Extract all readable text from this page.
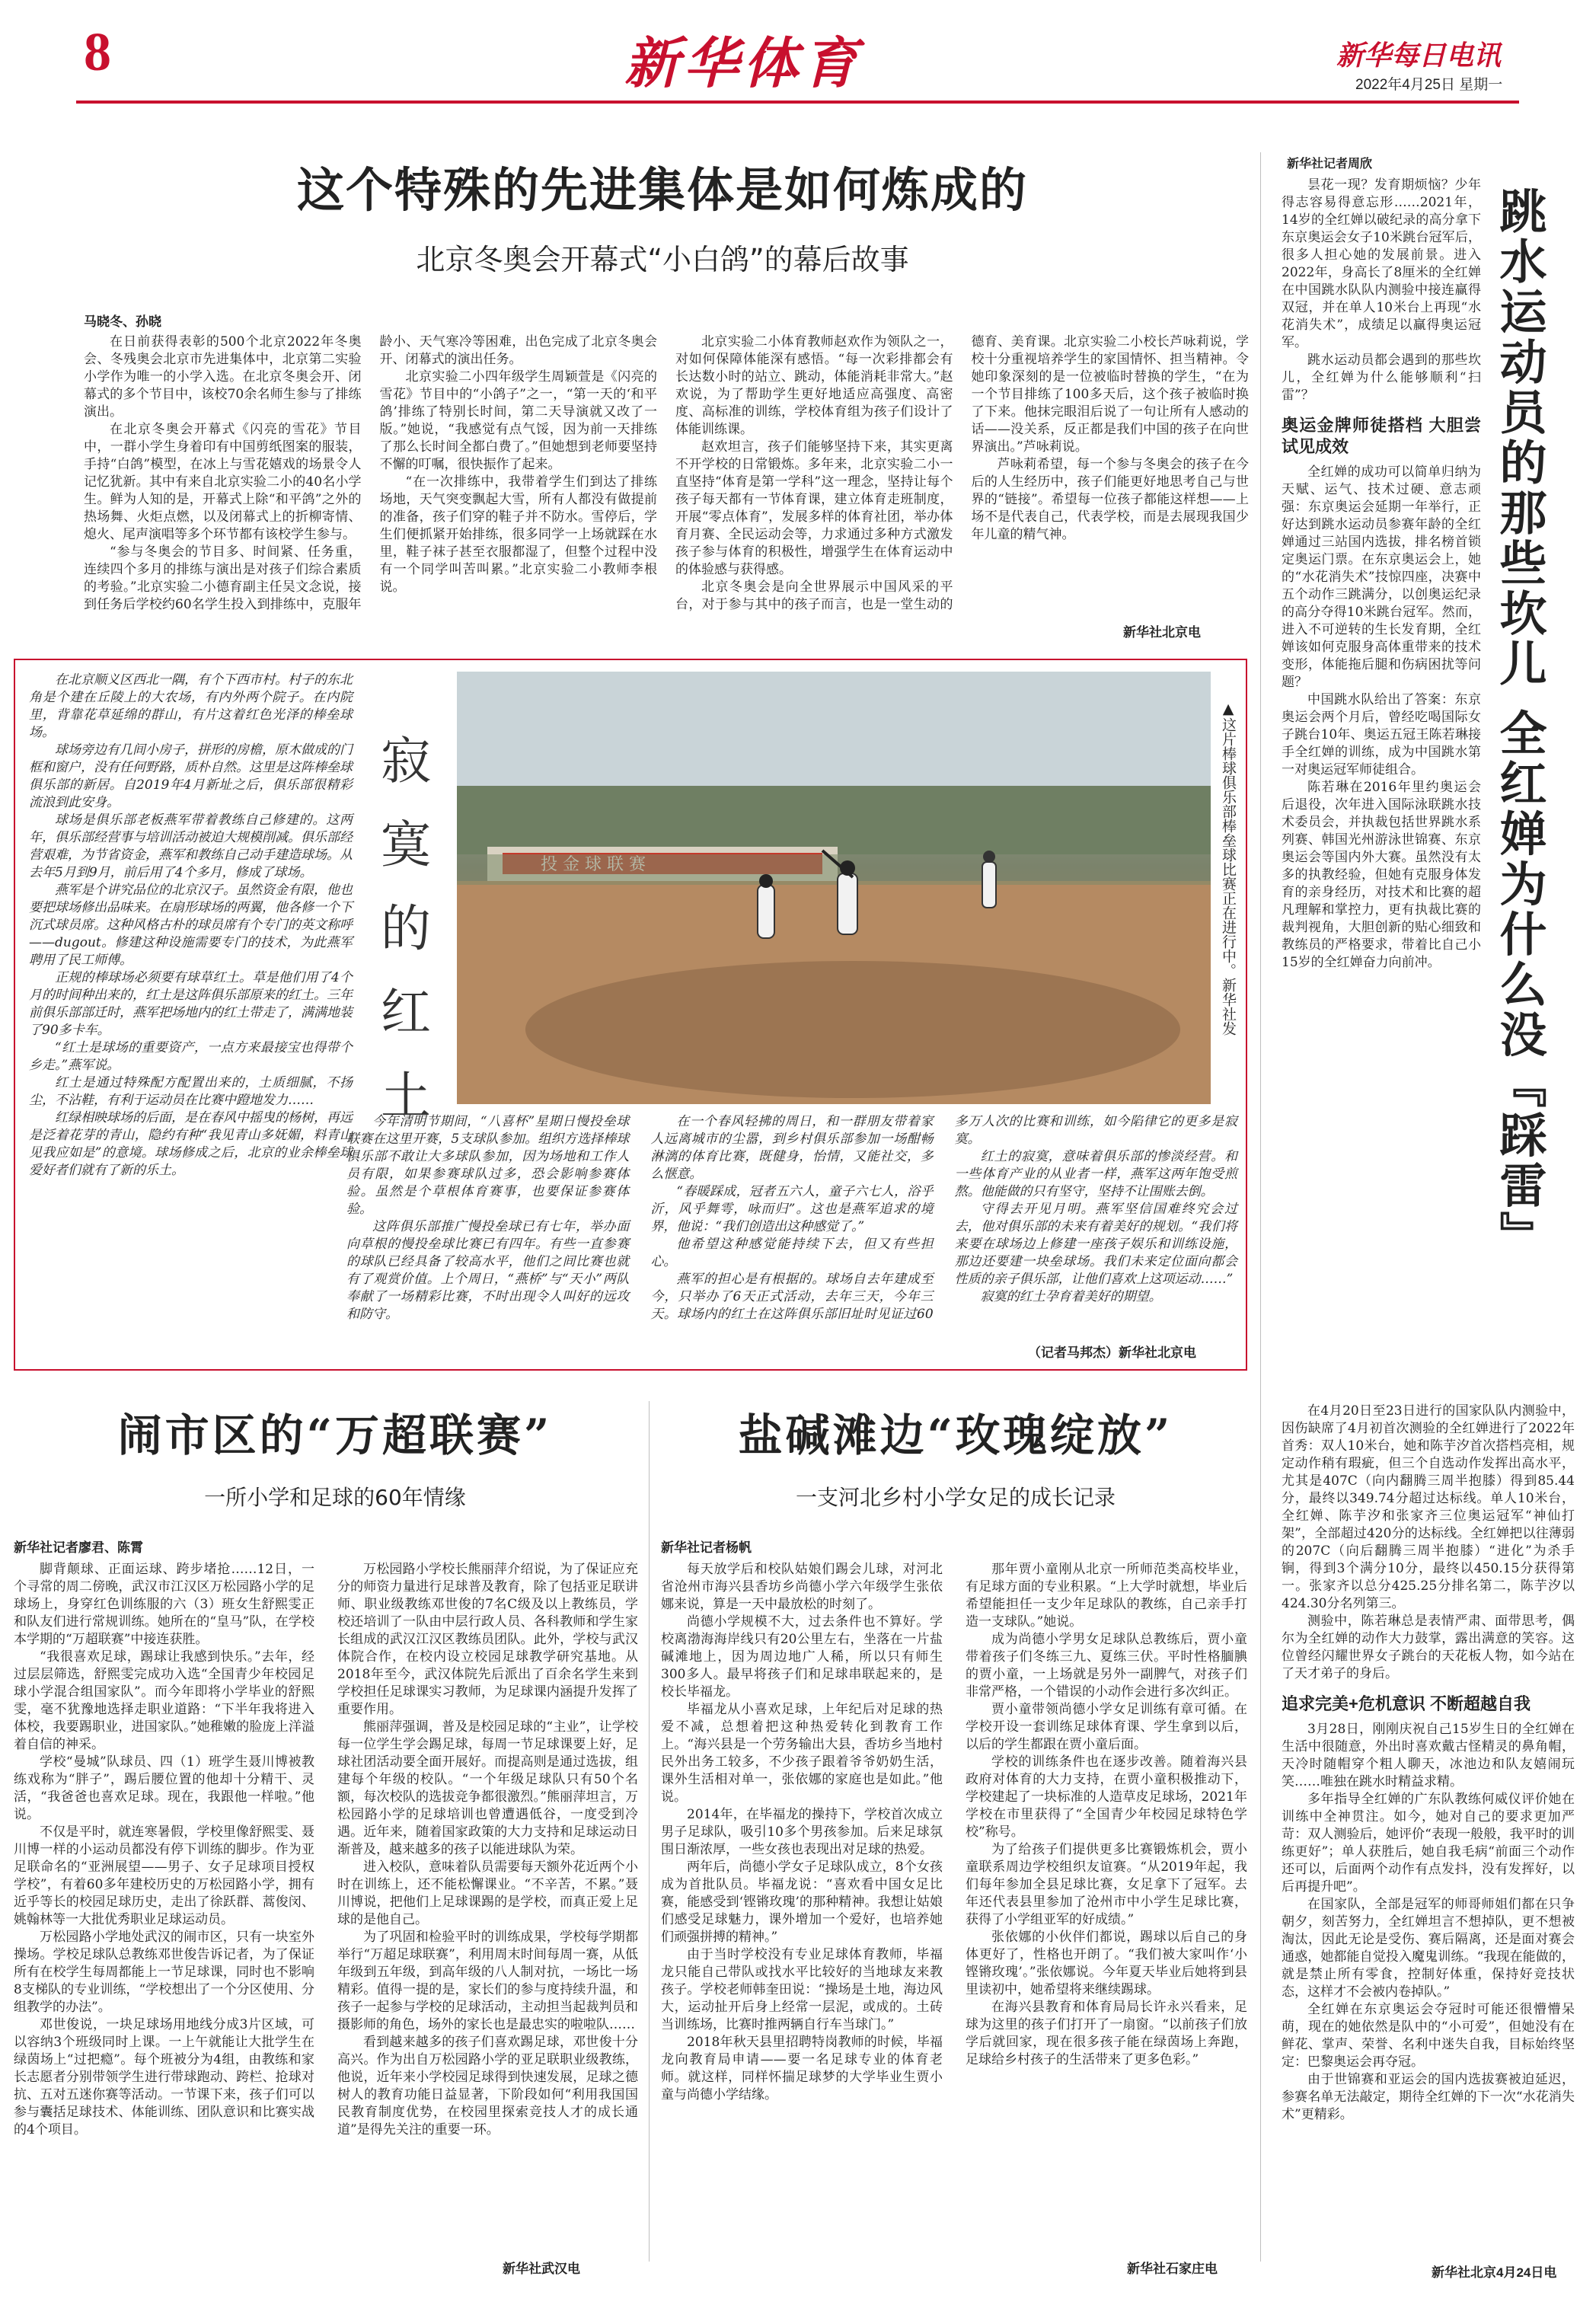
8	新华体育	新华每日电讯
2022年4月25日 星期一
这个特殊的先进集体是如何炼成的
北京冬奥会开幕式“小白鸽”的幕后故事
马晓冬、孙晓

在日前获得表彰的500个北京2022年冬奥会、冬残奥会北京市先进集体中，北京第二实验小学作为唯一的小学入选。在北京冬奥会开、闭幕式的多个节目中，该校70余名师生参与了排练演出。

在北京冬奥会开幕式《闪亮的雪花》节目中，一群小学生身着印有中国剪纸图案的服装，手持“白鸽”模型，在冰上与雪花嬉戏的场景令人记忆犹新。其中有来自北京实验二小的40名小学生。鲜为人知的是，开幕式上除“和平鸽”之外的热场舞、火炬点燃，以及闭幕式上的折柳寄情、熄火、尾声演唱等多个环节都有该校学生参与。

“参与冬奥会的节目多、时间紧、任务重，连续四个多月的排练与演出是对孩子们综合素质的考验。”北京实验二小德育副主任吴文念说，接到任务后学校约60名学生投入到排练中，克服年龄小、天气寒冷等困难，出色完成了北京冬奥会开、闭幕式的演出任务。

北京实验二小四年级学生周颖萱是《闪亮的雪花》节目中的“小鸽子”之一，“第一天的‘和平鸽’排练了特别长时间，第二天导演就又改了一版。”她说，“我感觉有点气馁，因为前一天排练了那么长时间全都白费了。”但她想到老师要坚持不懈的叮嘱，很快振作了起来。

“在一次排练中，我带着学生们到达了排练场地，天气突变飘起大雪，所有人都没有做提前的准备，孩子们穿的鞋子并不防水。雪停后，学生们便抓紧开始排练，很多同学一上场就踩在水里，鞋子袜子甚至衣服都湿了，但整个过程中没有一个同学叫苦叫累。”北京实验二小教师李根说。

北京实验二小体育教师赵欢作为领队之一，对如何保障体能深有感悟。“每一次彩排都会有长达数小时的站立、跳动，体能消耗非常大。”赵欢说，为了帮助学生更好地适应高强度、高密度、高标准的训练，学校体育组为孩子们设计了体能训练课。

赵欢坦言，孩子们能够坚持下来，其实更离不开学校的日常锻炼。多年来，北京实验二小一直坚持“体育是第一学科”这一理念，坚持让每个孩子每天都有一节体育课，建立体育走班制度，开展“零点体育”，发展多样的体育社团，举办体育月赛、全民运动会等，力求通过多种方式激发孩子参与体育的积极性，增强学生在体育运动中的体验感与获得感。

北京冬奥会是向全世界展示中国风采的平台，对于参与其中的孩子而言，也是一堂生动的德育、美育课。北京实验二小校长芦咏莉说，学校十分重视培养学生的家国情怀、担当精神。令她印象深刻的是一位被临时替换的学生，“在为一个节目排练了100多天后，这个孩子被临时换了下来。他抹完眼泪后说了一句让所有人感动的话——没关系，反正都是我们中国的孩子在向世界演出。”芦咏莉说。

芦咏莉希望，每一个参与冬奥会的孩子在今后的人生经历中，孩子们能更好地思考自己与世界的“链接”。希望每一位孩子都能这样想——上场不是代表自己，代表学校，而是去展现我国少年儿童的精气神。

新华社北京电

在北京顺义区西北一隅，有个下西市村。村子的东北角是个建在丘陵上的大农场，有内外两个院子。在内院里，背靠花草延绵的群山，有片这着红色光泽的棒垒球场。

球场旁边有几间小房子，拼形的房檐，原木做成的门框和窗户，没有任何野路，质朴自然。这里是这阵棒垒球俱乐部的新居。自2019年4月新址之后，俱乐部很精彩流浪到此安身。

球场是俱乐部老板燕军带着教练自己修建的。这两年，俱乐部经营事与培训活动被迫大规模削减。俱乐部经营艰难，为节省资金，燕军和教练自己动手建造球场。从去年5月到9月，前后用了4个多月，修成了球场。

燕军是个讲究品位的北京汉子。虽然资金有限，他也要把球场修出品味来。在扇形球场的两翼，他各修一个下沉式球员席。这种风格古朴的球员席有个专门的英文称呼——dugout。修建这种设施需要专门的技术，为此燕军聘用了民工师傅。

正规的棒球场必须要有球草红土。草是他们用了4个月的时间种出来的，红土是这阵俱乐部原来的红土。三年前俱乐部部迁时，燕军把场地内的红土带走了，满满地装了90多卡车。

“红土是球场的重要资产，一点方来最接宝也得带个乡走。”燕军说。

红土是通过特殊配方配置出来的，土质细腻，不扬尘，不沾鞋，有利于运动员在比赛中蹬地发力……

红绿相映球场的后面，是在春风中摇曳的杨树，再远是泛着花芽的青山，隐约有种“我见青山多妩媚，料青山见我应如是”的意境。球场修成之后，北京的业余棒垒球爱好者们就有了新的乐土。

寂
寞
的
红
土
▲这片棒球俱乐部棒垒球比赛正在进行中。新华社发

今年清明节期间，“八喜杯”星期日慢投垒球联赛在这里开赛，5支球队参加。组织方选择棒球俱乐部不敢让大多球队参加，因为场地和工作人员有限，如果参赛球队过多，恐会影响参赛体验。虽然是个草根体育赛事，也要保证参赛体验。

这阵俱乐部推广慢投垒球已有七年，举办面向草根的慢投垒球比赛已有四年。有些一直参赛的球队已经具备了较高水平，他们之间比赛也就有了观赏价值。上个周日，“燕桥”与“天小”两队奉献了一场精彩比赛，不时出现令人叫好的远攻和防守。

在一个春风轻拂的周日，和一群朋友带着家人远离城市的尘嚣，到乡村俱乐部参加一场酣畅淋漓的体育比赛，既健身，怡情，又能社交，多么惬意。

“春暖踩成，冠者五六人，童子六七人，浴乎沂，风乎舞雩，咏而归”。这也是燕军追求的境界，他说：“我们创造出这种感觉了。”

他希望这种感觉能持续下去，但又有些担心。

燕军的担心是有根据的。球场自去年建成至今，只举办了6天正式活动，去年三天，今年三天。球场内的红土在这阵俱乐部旧址时见证过60多万人次的比赛和训练，如今陷律它的更多是寂寞。

红土的寂寞，意味着俱乐部的惨淡经营。和一些体育产业的从业者一样，燕军这两年饱受煎熬。他能做的只有坚守，坚持不让围账去倒。

守得去开见月明。燕军坚信国难终究会过去，他对俱乐部的未来有着美好的规划。“我们将来要在球场边上修建一座孩子娱乐和训练设施，那边还要建一块垒球场。我们未来定位面向都会性质的亲子俱乐部，让他们喜欢上这项运动……”

寂寞的红土孕育着美好的期望。

（记者马邦杰）新华社北京电
新华社记者周欣
跳水运动员的那些坎儿 全红婵为什么没『踩雷』

昙花一现？发育期烦恼？少年得志容易得意忘形……2021年，14岁的全红婵以破纪录的高分拿下东京奥运会女子10米跳台冠军后，很多人担心她的发展前景。进入2022年，身高长了8厘米的全红婵在中国跳水队队内测验中接连赢得双冠，并在单人10米台上再现“水花消失术”，成绩足以赢得奥运冠军。

跳水运动员都会遇到的那些坎儿，全红婵为什么能够顺利“扫雷”？

奥运金牌师徒搭档 大胆尝试见成效

全红婵的成功可以简单归纳为天赋、运气、技术过硬、意志顽强：东京奥运会延期一年举行，正好达到跳水运动员参赛年龄的全红婵通过三站国内选拔，排名榜首锁定奥运门票。在东京奥运会上，她的“水花消失术”技惊四座，决赛中五个动作三跳满分，以创奥运纪录的高分夺得10米跳台冠军。然而，进入不可逆转的生长发育期，全红婵该如何克服身高体重带来的技术变形，体能拖后腿和伤病困扰等问题？

中国跳水队给出了答案：东京奥运会两个月后，曾经吃喝国际女子跳台10年、奥运五冠王陈若琳接手全红婵的训练，成为中国跳水第一对奥运冠军师徒组合。

陈若琳在2016年里约奥运会后退役，次年进入国际泳联跳水技术委员会，并执裁包括世界跳水系列赛、韩国光州游泳世锦赛、东京奥运会等国内外大赛。虽然没有太多的执教经验，但她有克服身体发育的亲身经历，对技术和比赛的超凡理解和掌控力，更有执裁比赛的裁判视角，大胆创新的贴心细致和教练员的严格要求，带着比自己小15岁的全红婵奋力向前冲。

在4月20日至23日进行的国家队队内测验中，因伤缺席了4月初首次测验的全红婵进行了2022年首秀：双人10米台，她和陈芋汐首次搭档亮相，规定动作稍有瑕疵，但三个自选动作发挥出高水平，尤其是407C（向内翻腾三周半抱膝）得到85.44分，最终以349.74分超过达标线。单人10米台，全红婵、陈芋汐和张家齐三位奥运冠军“神仙打架”，全部超过420分的达标线。全红婵把以往薄弱的207C（向后翻腾三周半抱膝）“进化”为杀手锏，得到3个满分10分，最终以450.15分获得第一。张家齐以总分425.25分排名第二，陈芋汐以424.30分名列第三。

测验中，陈若琳总是表情严肃、面带思考，偶尔为全红婵的动作大力鼓掌，露出满意的笑容。这位曾经闪耀世界女子跳台的天花板人物，如今站在了天才弟子的身后。

追求完美+危机意识 不断超越自我

3月28日，刚刚庆祝自己15岁生日的全红婵在生活中很随意，外出时喜欢戴古怪精灵的鼻角帽，天冷时随帽穿个粗人聊天，冰池边和队友嬉闹玩笑……唯独在跳水时精益求精。

多年指导全红婵的广东队教练何威仪评价她在训练中全神贯注。如今，她对自己的要求更加严苛：双人测验后，她评价“表现一般般，我平时的训练更好”；单人获胜后，她自我毛病“前面三个动作还可以，后面两个动作有点发抖，没有发挥好，以后再提升吧”。

在国家队，全部是冠军的师哥师姐们都在只争朝夕，刻苦努力，全红婵坦言不想掉队，更不想被淘汰，因此无论是受伤、赛后隔离，还是面对赛会通惑，她都能自觉投入魔鬼训练。“我现在能做的，就是禁止所有零食，控制好体重，保持好竞技状态，这样才不会被内卷掉队。”

全红婵在东京奥运会夺冠时可能还很懵懵呆萌，现在的她依然是队中的“小可爱”，但她没有在鲜花、掌声、荣誉、名利中迷失自我，目标始终坚定：巴黎奥运会再夺冠。

由于世锦赛和亚运会的国内选拔赛被迫延迟，参赛名单无法敲定，期待全红婵的下一次“水花消失术”更精彩。

新华社北京4月24日电
闹市区的“万超联赛”
一所小学和足球的60年情缘
新华社记者廖君、陈霄

脚背颠球、正面运球、跨步堵抢……12日，一个寻常的周二傍晚，武汉市江汉区万松园路小学的足球场上，身穿红色训练服的六（3）班女生舒熙雯正和队友们进行常规训练。她所在的“皇马”队，在学校本学期的“万超联赛”中接连获胜。

“我很喜欢足球，踢球让我感到快乐。”去年，经过层层筛选，舒熙雯完成功入选“全国青少年校园足球小学混合组国家队”。而今年即将小学毕业的舒熙雯，毫不犹豫地选择走职业道路：“下半年我将进入体校，我要踢职业，进国家队。”她稚嫩的脸庞上洋溢着自信的神采。

学校“曼城”队球员、四（1）班学生聂川博被教练戏称为“胖子”，踢后腰位置的他却十分精干、灵活，“我爸爸也喜欢足球。现在，我跟他一样啦。”他说。

不仅是平时，就连寒暑假，学校里像舒熙雯、聂川博一样的小运动员都没有停下训练的脚步。作为亚足联命名的“亚洲展望——男子、女子足球项目授权学校”，有着60多年建校历史的万松园路小学，拥有近乎等长的校园足球历史，走出了徐跃群、蒿俊闵、姚翰林等一大批优秀职业足球运动员。

万松园路小学地处武汉的闹市区，只有一块室外操场。学校足球队总教练邓世俊告诉记者，为了保证所有在校学生每周都能上一节足球课，同时也不影响8支梯队的专业训练，“学校想出了一个分区使用、分组教学的办法”。

邓世俊说，一块足球场用地线分成3片区域，可以容纳3个班级同时上课。一上午就能让大批学生在绿茵场上“过把瘾”。每个班被分为4组，由教练和家长志愿者分别带领学生进行带球跑动、跨栏、抢球对抗、五对五迷你赛等活动。一节课下来，孩子们可以参与囊括足球技术、体能训练、团队意识和比赛实战的4个项目。

万松园路小学校长熊丽萍介绍说，为了保证应充分的师资力量进行足球普及教育，除了包括亚足联讲师、职业级教练邓世俊的7名C级及以上教练员，学校还培训了一队由中层行政人员、各科教师和学生家长组成的武汉江汉区教练员团队。此外，学校与武汉体院合作，在校内设立校园足球教学研究基地。从2018年至今，武汉体院先后派出了百余名学生来到学校担任足球课实习教师，为足球课内涵提升发挥了重要作用。

熊丽萍强调，普及是校园足球的“主业”，让学校每一位学生学会踢足球，每周一节足球课要上好，足球社团活动要全面开展好。而提高则是通过选拔，组建每个年级的校队。“一个年级足球队只有50个名额，每次校队的选拔竞争都很激烈。”熊丽萍坦言，万松园路小学的足球培训也曾遭遇低谷，一度受到冷遇。近年来，随着国家政策的大力支持和足球运动日渐普及，越来越多的孩子以能进球队为荣。

进入校队，意味着队员需要每天额外花近两个小时在训练上，还不能松懈课业。“不辛苦，不累。”聂川博说，把他们上足球课踢的是学校，而真正爱上足球的是他自己。

为了巩固和检验平时的训练成果，学校每学期都举行“万超足球联赛”，利用周末时间每周一赛，从低年级到五年级，到高年级的八人制对抗，一场比一场精彩。值得一提的是，家长们的参与度持续升温，和孩子一起参与学校的足球活动，主动担当起裁判员和摄影师的角色，场外的家长也是最忠实的啦啦队……

看到越来越多的孩子们喜欢踢足球，邓世俊十分高兴。作为出自万松园路小学的亚足联职业级教练，他说，近年来小学校园足球得到快速发展，足球之德树人的教育功能日益显著，下阶段如何“利用我国国民教育制度优势，在校园里探索竞技人才的成长通道”是得先关注的重要一环。

新华社武汉电
盐碱滩边“玫瑰绽放”
一支河北乡村小学女足的成长记录
新华社记者杨帆

每天放学后和校队姑娘们踢会儿球，对河北省沧州市海兴县香坊乡尚德小学六年级学生张依娜来说，算是一天中最放松的时刻了。

尚德小学规模不大，过去条件也不算好。学校离渤海海岸线只有20公里左右，坐落在一片盐碱滩地上，因为周边地广人稀，所以只有师生300多人。最早将孩子们和足球串联起来的，是校长毕福龙。

毕福龙从小喜欢足球，上年纪后对足球的热爱不减，总想着把这种热爱转化到教育工作上。“海兴县是一个劳务输出大县，香坊乡当地村民外出务工较多，不少孩子跟着爷爷奶奶生活，课外生活相对单一，张依娜的家庭也是如此。”他说。

2014年，在毕福龙的操持下，学校首次成立男子足球队，吸引10多个男孩参加。后来足球氛围日渐浓厚，一些女孩也表现出对足球的热爱。

两年后，尚德小学女子足球队成立，8个女孩成为首批队员。毕福龙说：“喜欢看中国女足比赛，能感受到‘铿锵玫瑰’的那种精神。我想让姑娘们感受足球魅力，课外增加一个爱好，也培养她们顽强拼搏的精神。”

由于当时学校没有专业足球体育教师，毕福龙只能自己带队或找水平比较好的当地球友来教孩子。学校老师韩奎田说：“操场是土地，海边风大，运动扯开后身上经常一层泥，或成的。土砖当训练场，比赛时推两辆自行车当球门。”

2018年秋天县里招聘特岗教师的时候，毕福龙向教育局申请——要一名足球专业的体育老师。就这样，同样怀揣足球梦的大学毕业生贾小童与尚德小学结缘。

那年贾小童刚从北京一所师范类高校毕业，有足球方面的专业积累。“上大学时就想，毕业后希望能担任一支少年足球队的教练，自己亲手打造一支球队。”她说。

成为尚德小学男女足球队总教练后，贾小童带着孩子们冬练三九、夏练三伏。平时性格腼腆的贾小童，一上场就是另外一副脾气，对孩子们非常严格，一个错误的小动作会进行多次纠正。

贾小童带领尚德小学女足训练有章可循。在学校开设一套训练足球体育课、学生拿到以后，以后的学生都跟在贾小童后面。

学校的训练条件也在逐步改善。随着海兴县政府对体育的大力支持，在贾小童积极推动下，学校建起了一块标准的人造草皮足球场，2021年学校在市里获得了“全国青少年校园足球特色学校”称号。

为了给孩子们提供更多比赛锻炼机会，贾小童联系周边学校组织友谊赛。“从2019年起，我们每年参加全县足球比赛，女足拿下了冠军。去年还代表县里参加了沧州市中小学生足球比赛，获得了小学组亚军的好成绩。”

张依娜的小伙伴们都说，踢球以后自己的身体更好了，性格也开朗了。“我们被大家叫作‘小铿锵玫瑰’。”张依娜说。今年夏天毕业后她将到县里读初中，她希望将来继续踢球。

在海兴县教育和体育局局长许永兴看来，足球为这里的孩子们打开了一扇窗。“以前孩子们放学后就回家，现在很多孩子能在绿茵场上奔跑，足球给乡村孩子的生活带来了更多色彩。”

新华社石家庄电
